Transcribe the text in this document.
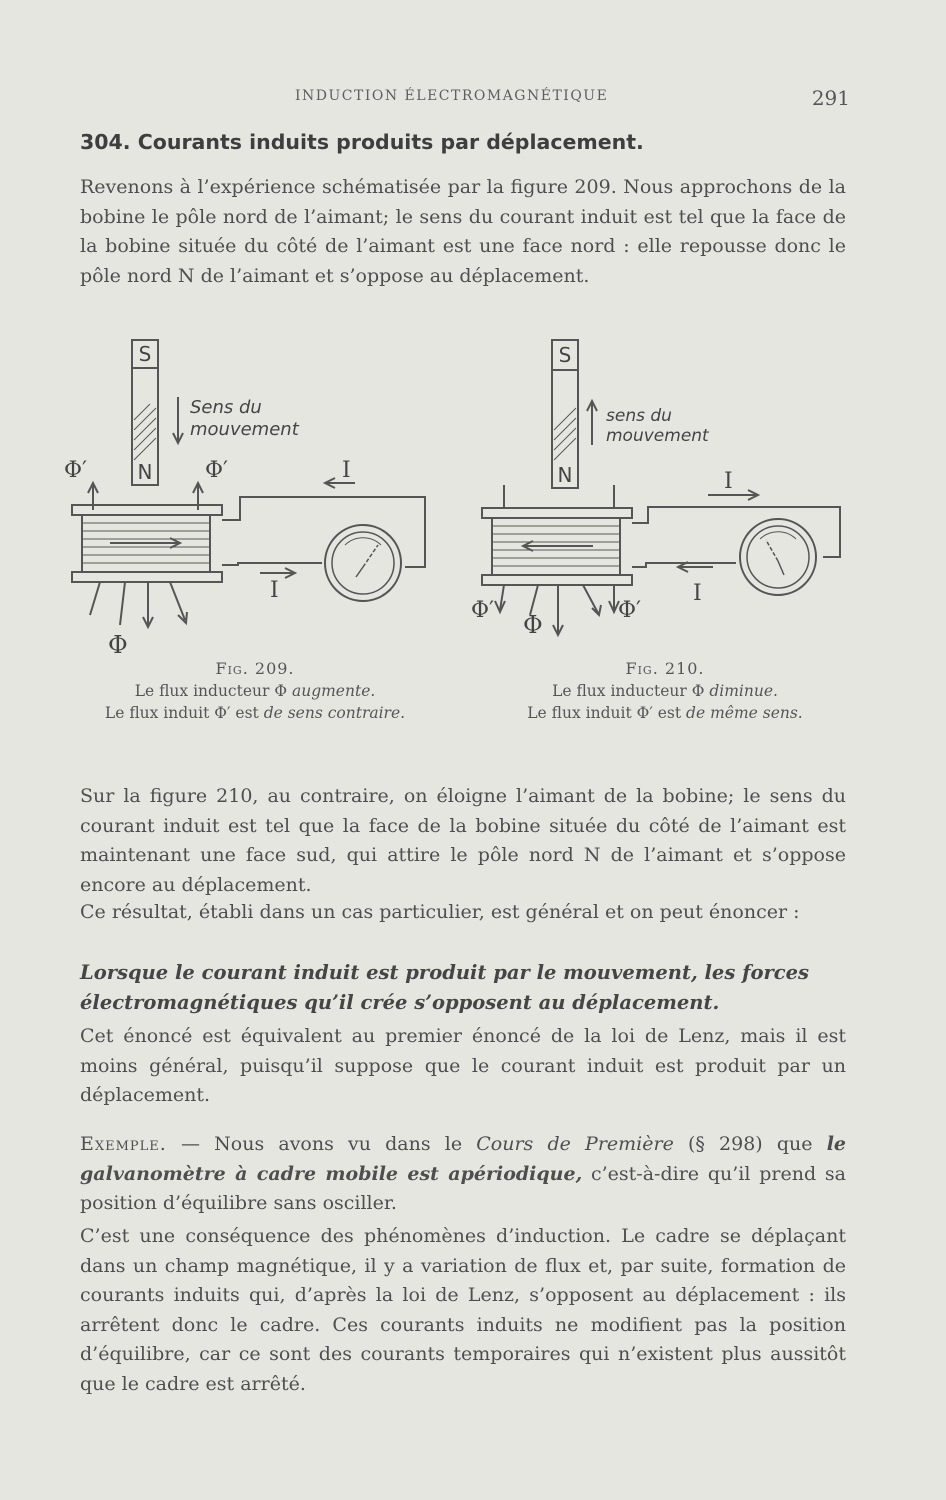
INDUCTION ÉLECTROMAGNÉTIQUE	291
304. Courants induits produits par déplacement.

Revenons à l’expérience schématisée par la figure 209. Nous approchons de la bobine le pôle nord de l’aimant; le sens du courant induit est tel que la face de la bobine située du côté de l’aimant est une face nord : elle repousse donc le pôle nord N de l’aimant et s’oppose au déplacement.

S
N
Sens du
mouvement
Φ′	Φ′
Φ
I
I
Fig. 209.
Le flux inducteur Φ augmente.
Le flux induit Φ′ est de sens contraire.
S
N
sens du
mouvement
Φ′	Φ′
Φ
I
I
Fig. 210.
Le flux inducteur Φ diminue.
Le flux induit Φ′ est de même sens.

Sur la figure 210, au contraire, on éloigne l’aimant de la bobine; le sens du courant induit est tel que la face de la bobine située du côté de l’aimant est maintenant une face sud, qui attire le pôle nord N de l’aimant et s’oppose encore au déplacement.

Ce résultat, établi dans un cas particulier, est général et on peut énoncer :

Lorsque le courant induit est produit par le mouvement, les forces électromagnétiques qu’il crée s’opposent au déplacement.

Cet énoncé est équivalent au premier énoncé de la loi de Lenz, mais il est moins général, puisqu’il suppose que le courant induit est produit par un déplacement.

Exemple. — Nous avons vu dans le Cours de Première (§ 298) que le galvanomètre à cadre mobile est apériodique, c’est-à-dire qu’il prend sa position d’équilibre sans osciller.

C’est une conséquence des phénomènes d’induction. Le cadre se déplaçant dans un champ magnétique, il y a variation de flux et, par suite, formation de courants induits qui, d’après la loi de Lenz, s’opposent au déplacement : ils arrêtent donc le cadre. Ces courants induits ne modifient pas la position d’équilibre, car ce sont des courants temporaires qui n’existent plus aussitôt que le cadre est arrêté.
